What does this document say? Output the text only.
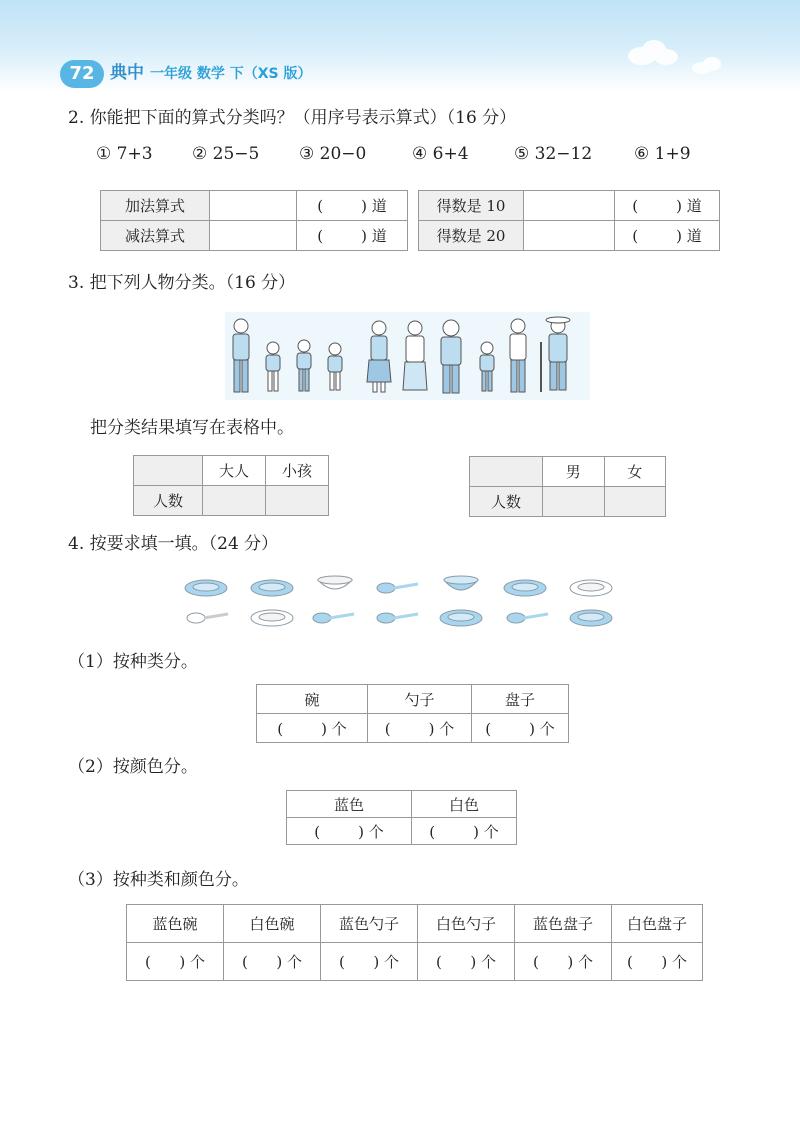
72 典中 一年级 数学 下（XS 版）
2. 你能把下面的算式分类吗？（用序号表示算式）（16 分）
① 7+3 ② 25−5 ③ 20−0	④ 6+4	⑤ 32−12 ⑥ 1+9
加法算式		(        ) 道
减法算式		(        ) 道
得数是 10		(        ) 道
得数是 20		(        ) 道
3. 把下列人物分类。（16 分）
把分类结果填写在表格中。
	大人	小孩
人数		
	男	女
人数		
4. 按要求填一填。（24 分）
（1）按种类分。
碗	勺子	盘子
(        ) 个	(        ) 个	(        ) 个
（2）按颜色分。
蓝色	白色
(        ) 个	(        ) 个
（3）按种类和颜色分。
蓝色碗	白色碗	蓝色勺子	白色勺子	蓝色盘子	白色盘子
(      ) 个	(      ) 个	(      ) 个	(      ) 个	(      ) 个	(      ) 个
